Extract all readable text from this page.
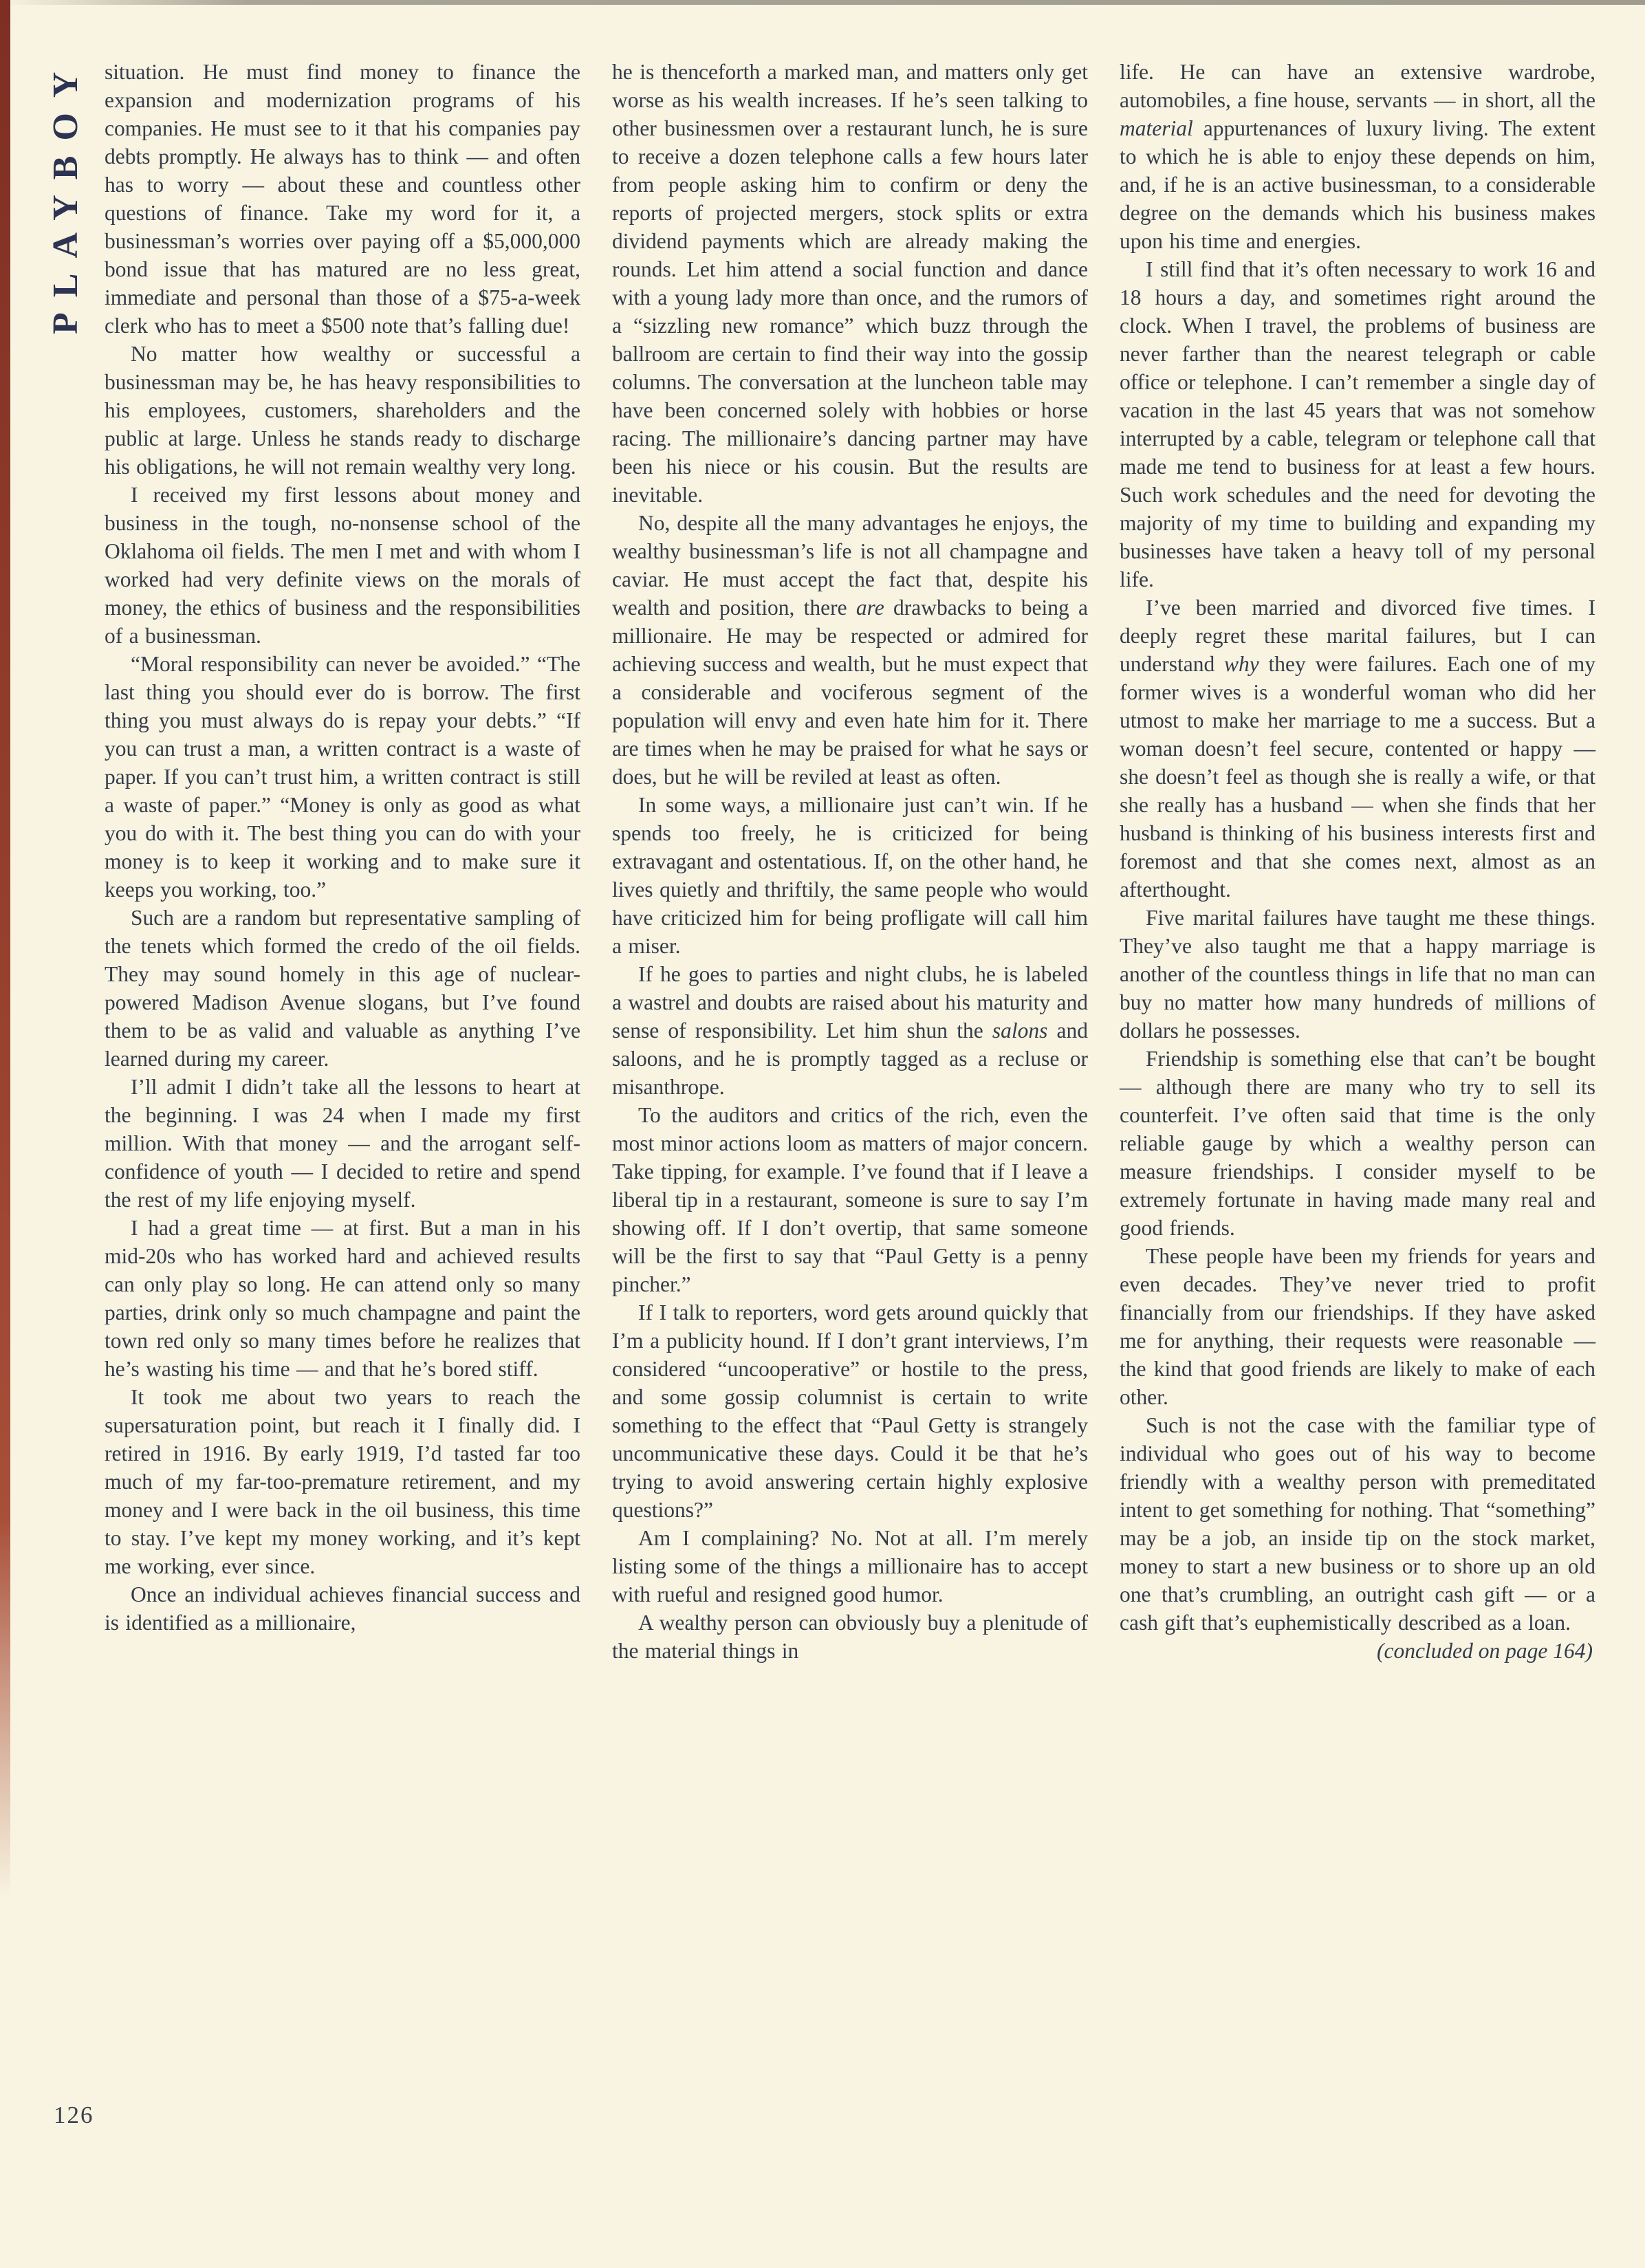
PLAYBOY situation. He must find money to finance the expansion and modernization programs of his companies. He must see to it that his companies pay debts promptly. He always has to think — and often has to worry — about these and countless other questions of finance. Take my word for it, a businessman’s worries over paying off a $5,000,000 bond issue that has matured are no less great, immediate and personal than those of a $75-a-week clerk who has to meet a $500 note that’s falling due!

No matter how wealthy or successful a businessman may be, he has heavy responsibilities to his employees, customers, shareholders and the public at large. Unless he stands ready to discharge his obligations, he will not remain wealthy very long.

I received my first lessons about money and business in the tough, no-nonsense school of the Oklahoma oil fields. The men I met and with whom I worked had very definite views on the morals of money, the ethics of business and the responsibilities of a businessman.

“Moral responsibility can never be avoided.” “The last thing you should ever do is borrow. The first thing you must always do is repay your debts.” “If you can trust a man, a written contract is a waste of paper. If you can’t trust him, a written contract is still a waste of paper.” “Money is only as good as what you do with it. The best thing you can do with your money is to keep it working and to make sure it keeps you working, too.”

Such are a random but representative sampling of the tenets which formed the credo of the oil fields. They may sound homely in this age of nuclear-powered Madison Avenue slogans, but I’ve found them to be as valid and valuable as anything I’ve learned during my career.

I’ll admit I didn’t take all the lessons to heart at the beginning. I was 24 when I made my first million. With that money — and the arrogant self-confidence of youth — I decided to retire and spend the rest of my life enjoying myself.

I had a great time — at first. But a man in his mid-20s who has worked hard and achieved results can only play so long. He can attend only so many parties, drink only so much champagne and paint the town red only so many times before he realizes that he’s wasting his time — and that he’s bored stiff.

It took me about two years to reach the supersaturation point, but reach it I finally did. I retired in 1916. By early 1919, I’d tasted far too much of my far-too-premature retirement, and my money and I were back in the oil business, this time to stay. I’ve kept my money working, and it’s kept me working, ever since.

Once an individual achieves financial success and is identified as a millionaire,

he is thenceforth a marked man, and matters only get worse as his wealth increases. If he’s seen talking to other businessmen over a restaurant lunch, he is sure to receive a dozen telephone calls a few hours later from people asking him to confirm or deny the reports of projected mergers, stock splits or extra dividend payments which are already making the rounds. Let him attend a social function and dance with a young lady more than once, and the rumors of a “sizzling new romance” which buzz through the ballroom are certain to find their way into the gossip columns. The conversation at the luncheon table may have been concerned solely with hobbies or horse racing. The millionaire’s dancing partner may have been his niece or his cousin. But the results are inevitable.

No, despite all the many advantages he enjoys, the wealthy businessman’s life is not all champagne and caviar. He must accept the fact that, despite his wealth and position, there are drawbacks to being a millionaire. He may be respected or admired for achieving success and wealth, but he must expect that a considerable and vociferous segment of the population will envy and even hate him for it. There are times when he may be praised for what he says or does, but he will be reviled at least as often.

In some ways, a millionaire just can’t win. If he spends too freely, he is criticized for being extravagant and ostentatious. If, on the other hand, he lives quietly and thriftily, the same people who would have criticized him for being profligate will call him a miser.

If he goes to parties and night clubs, he is labeled a wastrel and doubts are raised about his maturity and sense of responsibility. Let him shun the salons and saloons, and he is promptly tagged as a recluse or misanthrope.

To the auditors and critics of the rich, even the most minor actions loom as matters of major concern. Take tipping, for example. I’ve found that if I leave a liberal tip in a restaurant, someone is sure to say I’m showing off. If I don’t overtip, that same someone will be the first to say that “Paul Getty is a penny pincher.”

If I talk to reporters, word gets around quickly that I’m a publicity hound. If I don’t grant interviews, I’m considered “uncooperative” or hostile to the press, and some gossip columnist is certain to write something to the effect that “Paul Getty is strangely uncommunicative these days. Could it be that he’s trying to avoid answering certain highly explosive questions?”

Am I complaining? No. Not at all. I’m merely listing some of the things a millionaire has to accept with rueful and resigned good humor.

A wealthy person can obviously buy a plenitude of the material things in

life. He can have an extensive wardrobe, automobiles, a fine house, servants — in short, all the material appurtenances of luxury living. The extent to which he is able to enjoy these depends on him, and, if he is an active businessman, to a considerable degree on the demands which his business makes upon his time and energies.

I still find that it’s often necessary to work 16 and 18 hours a day, and sometimes right around the clock. When I travel, the problems of business are never farther than the nearest telegraph or cable office or telephone. I can’t remember a single day of vacation in the last 45 years that was not somehow interrupted by a cable, telegram or telephone call that made me tend to business for at least a few hours. Such work schedules and the need for devoting the majority of my time to building and expanding my businesses have taken a heavy toll of my personal life.

I’ve been married and divorced five times. I deeply regret these marital failures, but I can understand why they were failures. Each one of my former wives is a wonderful woman who did her utmost to make her marriage to me a success. But a woman doesn’t feel secure, contented or happy — she doesn’t feel as though she is really a wife, or that she really has a husband — when she finds that her husband is thinking of his business interests first and foremost and that she comes next, almost as an afterthought.

Five marital failures have taught me these things. They’ve also taught me that a happy marriage is another of the countless things in life that no man can buy no matter how many hundreds of millions of dollars he possesses.

Friendship is something else that can’t be bought — although there are many who try to sell its counterfeit. I’ve often said that time is the only reliable gauge by which a wealthy person can measure friendships. I consider myself to be extremely fortunate in having made many real and good friends.

These people have been my friends for years and even decades. They’ve never tried to profit financially from our friendships. If they have asked me for anything, their requests were reasonable — the kind that good friends are likely to make of each other.

Such is not the case with the familiar type of individual who goes out of his way to become friendly with a wealthy person with premeditated intent to get something for nothing. That “something” may be a job, an inside tip on the stock market, money to start a new business or to shore up an old one that’s crumbling, an outright cash gift — or a cash gift that’s euphemistically described as a loan.

(concluded on page 164)

126
